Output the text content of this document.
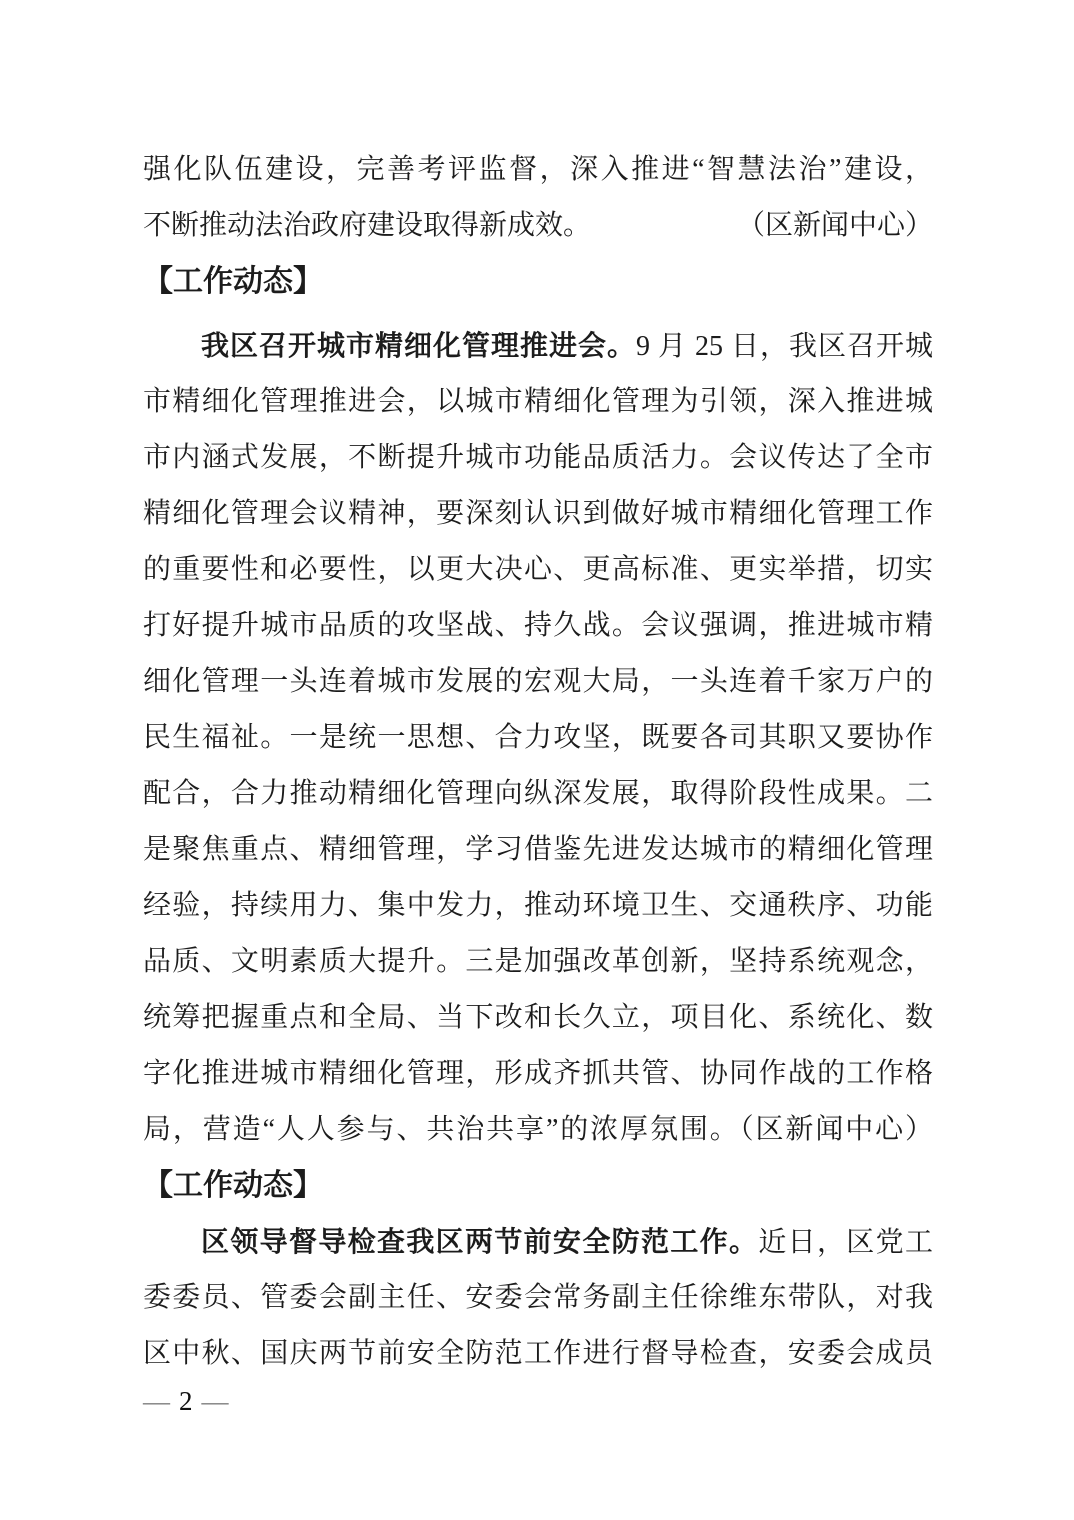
强化队伍建设，完善考评监督，深入推进“智慧法治”建设，
不断推动法治政府建设取得新成效。	（区新闻中心）
【工作动态】
我区召开城市精细化管理推进会。9 月 25 日，我区召开城
市精细化管理推进会，以城市精细化管理为引领，深入推进城
市内涵式发展，不断提升城市功能品质活力。会议传达了全市
精细化管理会议精神，要深刻认识到做好城市精细化管理工作
的重要性和必要性，以更大决心、更高标准、更实举措，切实
打好提升城市品质的攻坚战、持久战。会议强调，推进城市精
细化管理一头连着城市发展的宏观大局，一头连着千家万户的
民生福祉。一是统一思想、合力攻坚，既要各司其职又要协作
配合，合力推动精细化管理向纵深发展，取得阶段性成果。二
是聚焦重点、精细管理，学习借鉴先进发达城市的精细化管理
经验，持续用力、集中发力，推动环境卫生、交通秩序、功能
品质、文明素质大提升。三是加强改革创新，坚持系统观念，
统筹把握重点和全局、当下改和长久立，项目化、系统化、数
字化推进城市精细化管理，形成齐抓共管、协同作战的工作格
局，营造“人人参与、共治共享”的浓厚氛围。（区新闻中心）
【工作动态】
区领导督导检查我区两节前安全防范工作。近日，区党工
委委员、管委会副主任、安委会常务副主任徐维东带队，对我
区中秋、国庆两节前安全防范工作进行督导检查，安委会成员
— 2 —
